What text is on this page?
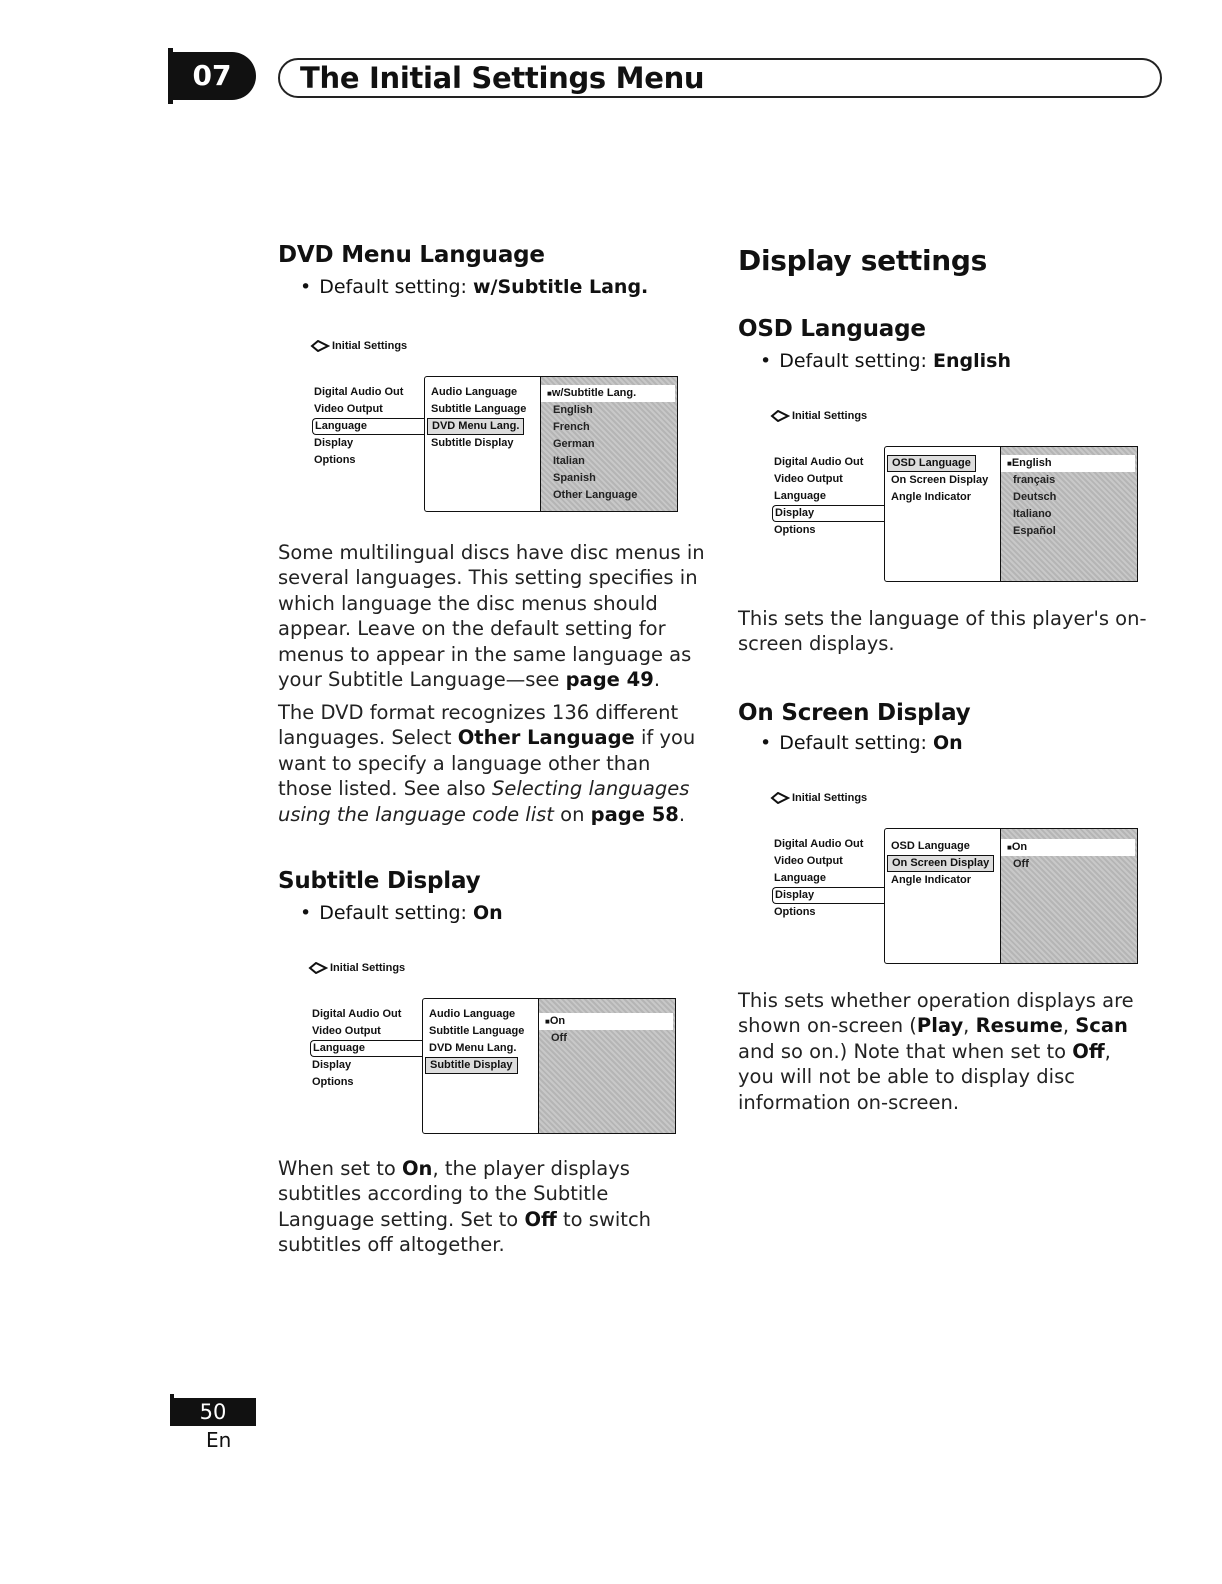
07	The Initial Settings Menu
DVD Menu Language
• Default setting: w/Subtitle Lang.
Initial Settings
Digital Audio Out
Video Output
Language
Display
Options
Audio Language
Subtitle Language
DVD Menu Lang.
Subtitle Display
■ w/Subtitle Lang.
English
French
German
Italian
Spanish
Other Language

Some multilingual discs have disc menus in several languages. This setting specifies in which language the disc menus should appear. Leave on the default setting for menus to appear in the same language as your Subtitle Language—see page 49.

The DVD format recognizes 136 different languages. Select Other Language if you want to specify a language other than those listed. See also Selecting languages using the language code list on page 58.

Subtitle Display
• Default setting: On
Initial Settings
Digital Audio Out
Video Output
Language
Display
Options
Audio Language
Subtitle Language
DVD Menu Lang.
Subtitle Display
■ On
Off

When set to On, the player displays subtitles according to the Subtitle Language setting. Set to Off to switch subtitles off altogether.

Display settings
OSD Language
• Default setting: English
Initial Settings
Digital Audio Out
Video Output
Language
Display
Options
OSD Language
On Screen Display
Angle Indicator
■ English
français
Deutsch
Italiano
Español

This sets the language of this player's on-screen displays.

On Screen Display
• Default setting: On
Initial Settings
Digital Audio Out
Video Output
Language
Display
Options
OSD Language
On Screen Display
Angle Indicator
■ On
Off

This sets whether operation displays are shown on-screen (Play, Resume, Scan and so on.) Note that when set to Off, you will not be able to display disc information on-screen.

50
En
